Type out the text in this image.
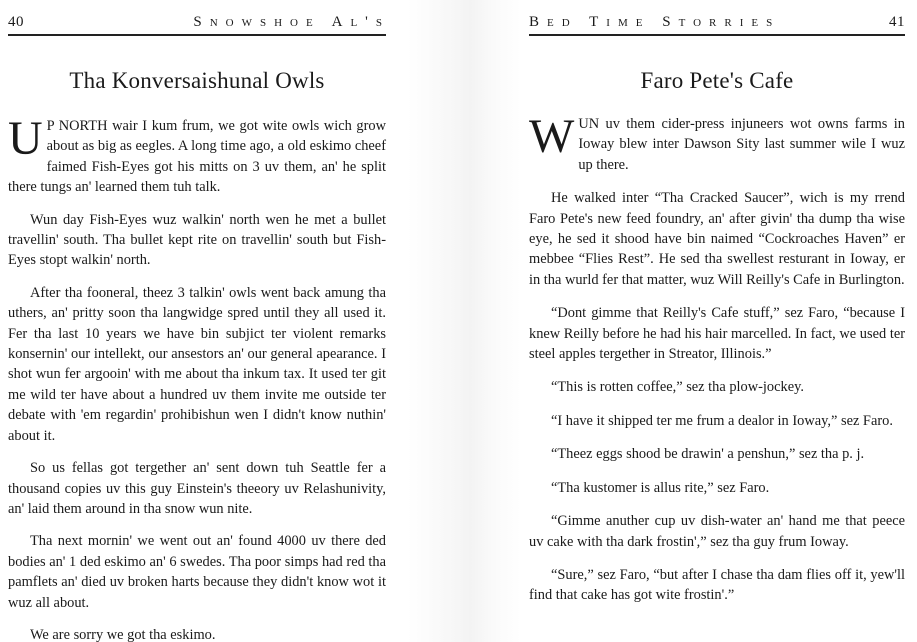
40	Snowshoe Al's
Tha Konversaishunal Owls

U P NORTH wair I kum frum, we got wite owls wich grow about as big as eegles. A long time ago, a old eskimo cheef faimed Fish-Eyes got his mitts on 3 uv them, an' he split there tungs an' learned them tuh talk.

Wun day Fish-Eyes wuz walkin' north wen he met a bullet travellin' south. Tha bullet kept rite on travellin' south but Fish-Eyes stopt walkin' north.

After tha fooneral, theez 3 talkin' owls went back amung tha uthers, an' pritty soon tha langwidge spred until they all used it. Fer tha last 10 years we have bin subjict ter violent remarks konsernin' our intellekt, our ansestors an' our general apearance. I shot wun fer argooin' with me about tha inkum tax. It used ter git me wild ter have about a hundred uv them invite me outside ter debate with 'em regardin' prohibishun wen I didn't know nuthin' about it.

So us fellas got tergether an' sent down tuh Seattle fer a thousand copies uv this guy Einstein's theeory uv Relashunivity, an' laid them around in tha snow wun nite.

Tha next mornin' we went out an' found 4000 uv there ded bodies an' 1 ded eskimo an' 6 swedes. Tha poor simps had red tha pamflets an' died uv broken harts because they didn't know wot it wuz all about.

We are sorry we got tha eskimo.

Bed Time Storries	41
Faro Pete's Cafe

WUN uv them cider-press injuneers wot owns farms in Ioway blew inter Dawson Sity last summer wile I wuz up there.

He walked inter “Tha Cracked Saucer”, wich is my rrend Faro Pete's new feed foundry, an' after givin' tha dump tha wise eye, he sed it shood have bin naimed “Cockroaches Haven” er mebbee “Flies Rest”. He sed tha swellest resturant in Ioway, er in tha wurld fer that matter, wuz Will Reilly's Cafe in Burlington.

“Dont gimme that Reilly's Cafe stuff,” sez Faro, “because I knew Reilly before he had his hair marcelled. In fact, we used ter steel apples tergether in Streator, Illinois.”

“This is rotten coffee,” sez tha plow-jockey.

“I have it shipped ter me frum a dealor in Ioway,” sez Faro.

“Theez eggs shood be drawin' a penshun,” sez tha p. j.

“Tha kustomer is allus rite,” sez Faro.

“Gimme anuther cup uv dish-water an' hand me that peece uv cake with tha dark frostin',” sez tha guy frum Ioway.

“Sure,” sez Faro, “but after I chase tha dam flies off it, yew'll find that cake has got wite frostin'.”
